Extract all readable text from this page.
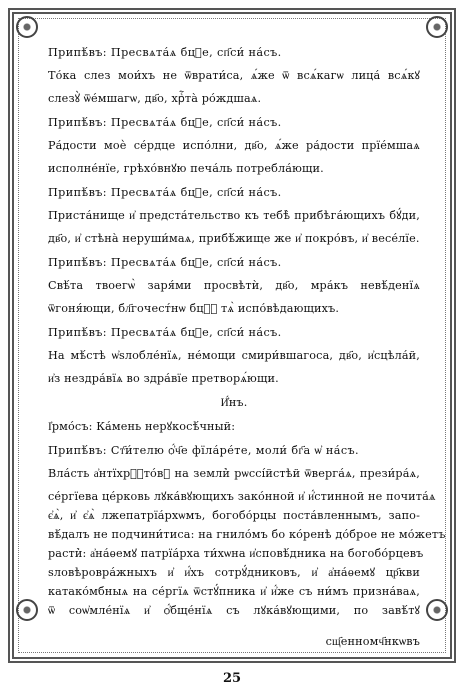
Припѣ́въ: Пресвѧта́ѧ бцⷣе, сп҃си́ на́съ.
То́ка слез мои́хъ не ѿврати́са, ѧ́же ѿ всѧ́кагѡ лица́ всѧ́кꙋ
слезꙋ̀ ѿе́мшагѡ, дв҃о, хрⷭ҇та̀ ро́ждшаѧ.
Припѣ́въ: Пресвѧта́ѧ бцⷣе, сп҃си́ на́съ.
Ра́дости моѐ се́рдце испо́лни, дв҃о, ѧ́же ра́дости прїе́мшаѧ
исполне́нїе, грѣхо́внꙋю печа́ль потребла́ющи.
Припѣ́въ: Пресвѧта́ѧ бцⷣе, сп҃си́ на́съ.
Приста́нище и҆ предста́тельство къ тебѣ̀ прибѣга́ющихъ бꙋ́ди,
дв҃о, и҆ стѣна̀ неруши́маѧ, прибѣ́жище же и҆ покро́въ, и҆ весе́лїе.
Припѣ́въ: Пресвѧта́ѧ бцⷣе, сп҃си́ на́съ.
Свѣ́та твоегѡ̀ заря́ми просвѣтѝ, дв҃о, мра́къ невѣ́денїѧ
ѿгоня́ющи, бл҃гочест́нѡ бцⷣꙋ тѧ̀ испо́вѣдающихъ.
Припѣ́въ: Пресвѧта́ѧ бцⷣе, сп҃си́ на́съ.
На мѣ́стѣ ѡ҆ѕлобле́нїѧ, не́мощи смири́вшагоса, дв҃о, и҆сцѣла́й,
и҆з нездра́вїѧ во здра́вїе претворѧ́ющи.
И҆́нъ.
І҆рмо́съ: Ка́мень нерꙋкосѣ́чный:
Припѣ́въ: Ст҃и́телю ѻ҆́ч҃е фїла́ре́те, моли́ бг҃а ѡ҆ на́съ.
Вла́сть а҆нтїхрⷭ҇то́вꙋ на земли̇̀ рѡссі́йстѣй ѿверга́ѧ, прези́ра́ѧ,
се́ргїева це́рковь лꙋка́вꙋющихъ зако́нной и҆ и҆́стинной не почита́ѧ
є҆ѧ̀, и҆ є҆ѧ̀ лжепатрїа́рхѡмъ, богобо́рцы поста́вленнымъ, запо-
вѣ́далъ не подчини́тиса: на гнило́мъ бо ко́ренѣ до́брое не мо́жетъ
расти̇̀: а҆на́ѳемꙋ патрїа́рха ти́хѡна и҆сповѣ́дника на богобо́рцевъ
ѕловѣровра́жныхъ и҆ и҆́хъ сотрꙋ́дниковъ, и҆ а҆на́ѳемꙋ цр҃кви
катако́мбныѧ на се́ргїѧ ѿстꙋ́пника и҆ и҆́же съ ни́мъ призна́ваѧ,
ѿ соѡ҆мле́нїѧ и҆ ѻ҆́бще́нїѧ съ лꙋка́вꙋющими, по завѣ́тꙋ
сщ҃енномч҃нкѡвъ
25
